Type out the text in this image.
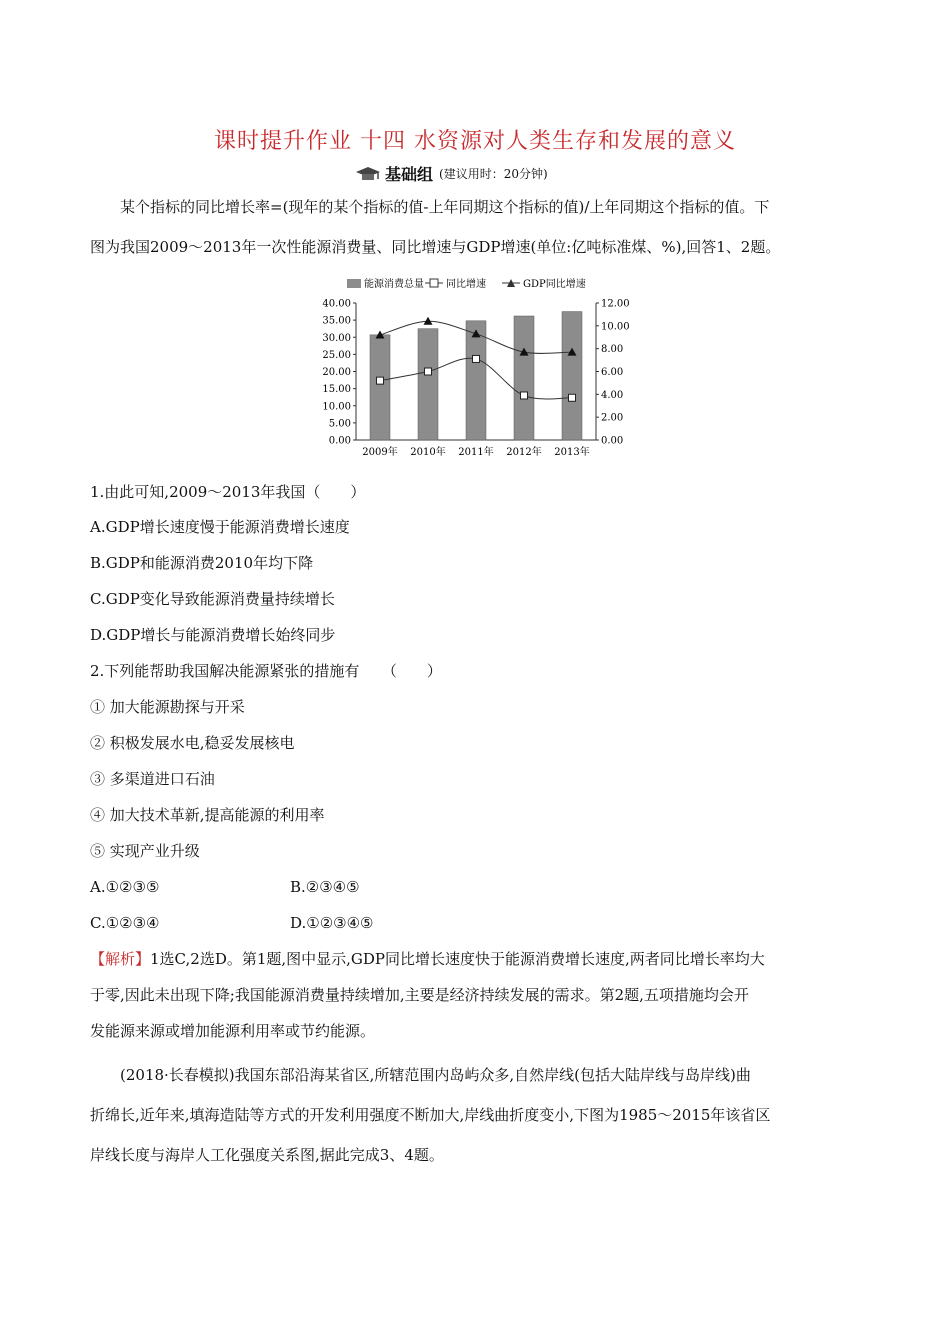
课时提升作业 十四 水资源对人类生存和发展的意义
基础组 (建议用时：20分钟)
某个指标的同比增长率=(现年的某个指标的值-上年同期这个指标的值)/上年同期这个指标的值。下
图为我国2009～2013年一次性能源消费量、同比增速与GDP增速(单位:亿吨标准煤、%),回答1、2题。
能源消费总量 同比增速	GDP同比增速
0.00
5.00
10.00
15.00
20.00
25.00
30.00
35.00
40.00
0.00
2.00
4.00
6.00
8.00
10.00
12.00
2009年 2010年 2011年 2012年 2013年
1.由此可知,2009～2013年我国（　　）
A.GDP增长速度慢于能源消费增长速度
B.GDP和能源消费2010年均下降
C.GDP变化导致能源消费量持续增长
D.GDP增长与能源消费增长始终同步
2.下列能帮助我国解决能源紧张的措施有　　（　　）
① 加大能源勘探与开采
② 积极发展水电,稳妥发展核电
③ 多渠道进口石油
④ 加大技术革新,提高能源的利用率
⑤ 实现产业升级
A.①②③⑤	B.②③④⑤
C.①②③④	D.①②③④⑤
【解析】1选C,2选D。第1题,图中显示,GDP同比增长速度快于能源消费增长速度,两者同比增长率均大
于零,因此未出现下降;我国能源消费量持续增加,主要是经济持续发展的需求。第2题,五项措施均会开
发能源来源或增加能源利用率或节约能源。
(2018·长春模拟)我国东部沿海某省区,所辖范围内岛屿众多,自然岸线(包括大陆岸线与岛岸线)曲
折绵长,近年来,填海造陆等方式的开发利用强度不断加大,岸线曲折度变小,下图为1985～2015年该省区
岸线长度与海岸人工化强度关系图,据此完成3、4题。
